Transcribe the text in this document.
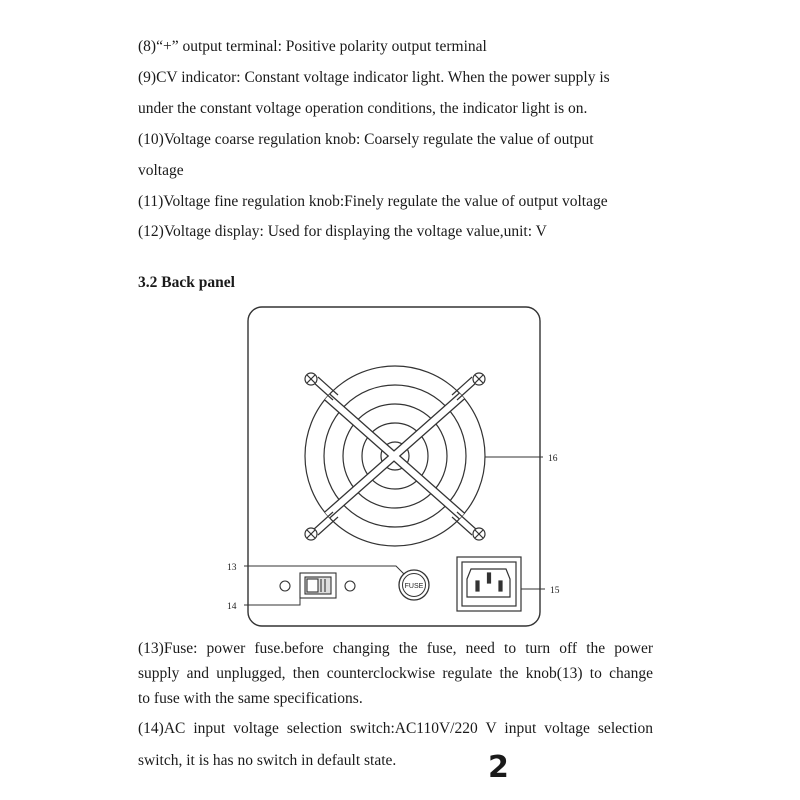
(8)“+” output terminal: Positive polarity output terminal
(9)CV indicator: Constant voltage indicator light. When the power supply is
under the constant voltage operation conditions, the indicator light is on.
(10)Voltage coarse regulation knob: Coarsely regulate the value of output
voltage
(11)Voltage fine regulation knob:Finely regulate the value of output voltage
(12)Voltage display: Used for displaying the voltage value,unit: V
3.2 Back panel
16
FUSE
13
14
15
(13)Fuse: power fuse.before changing the fuse, need to turn off the power
supply and unplugged, then counterclockwise regulate the knob(13) to change
to fuse with the same specifications.
(14)AC input voltage selection switch:AC110V/220 V input voltage selection
switch, it is has no switch in default state.	2
